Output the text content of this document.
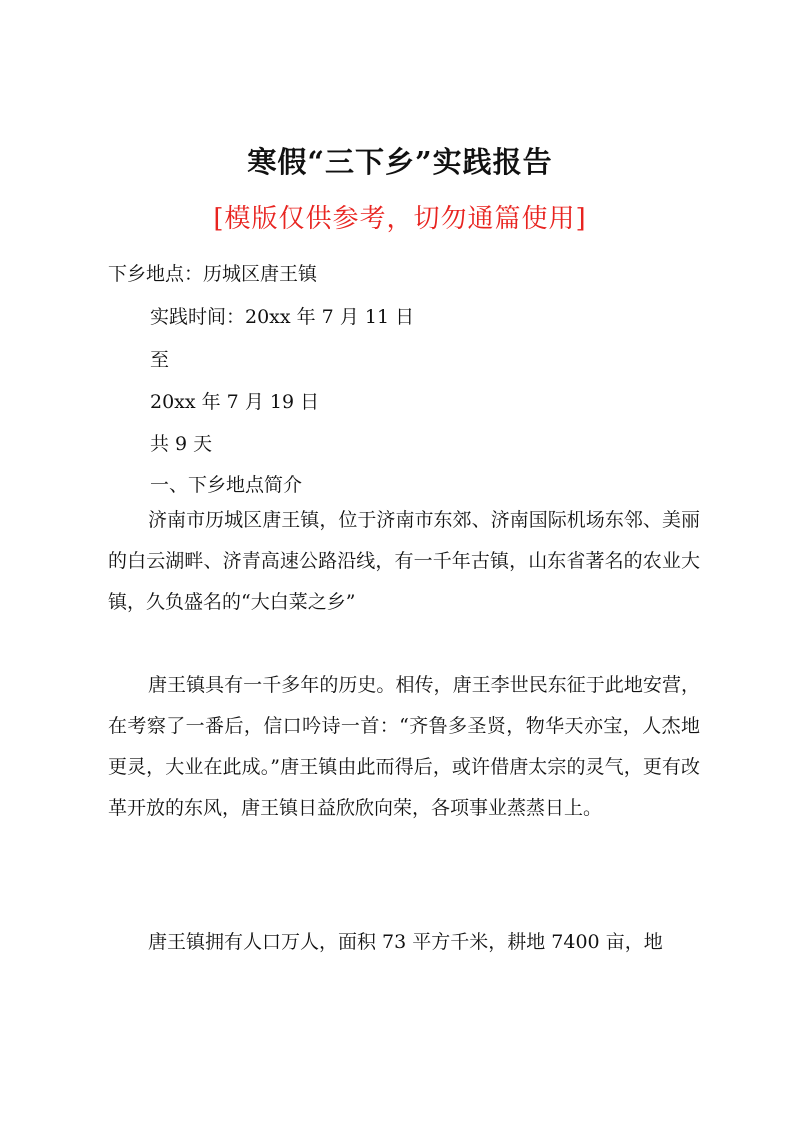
寒假“三下乡”实践报告
[模版仅供参考，切勿通篇使用]
下乡地点：历城区唐王镇
实践时间：20xx 年 7 月 11 日
至
20xx 年 7 月 19 日
共 9 天
一、下乡地点简介

济南市历城区唐王镇，位于济南市东郊、济南国际机场东邻、美丽的白云湖畔、济青高速公路沿线，有一千年古镇，山东省著名的农业大镇，久负盛名的“大白菜之乡”

唐王镇具有一千多年的历史。相传，唐王李世民东征于此地安营，在考察了一番后，信口吟诗一首：“齐鲁多圣贤，物华天亦宝，人杰地更灵，大业在此成。”唐王镇由此而得后，或许借唐太宗的灵气，更有改革开放的东风，唐王镇日益欣欣向荣，各项事业蒸蒸日上。

唐王镇拥有人口万人，面积 73 平方千米，耕地 7400 亩，地
